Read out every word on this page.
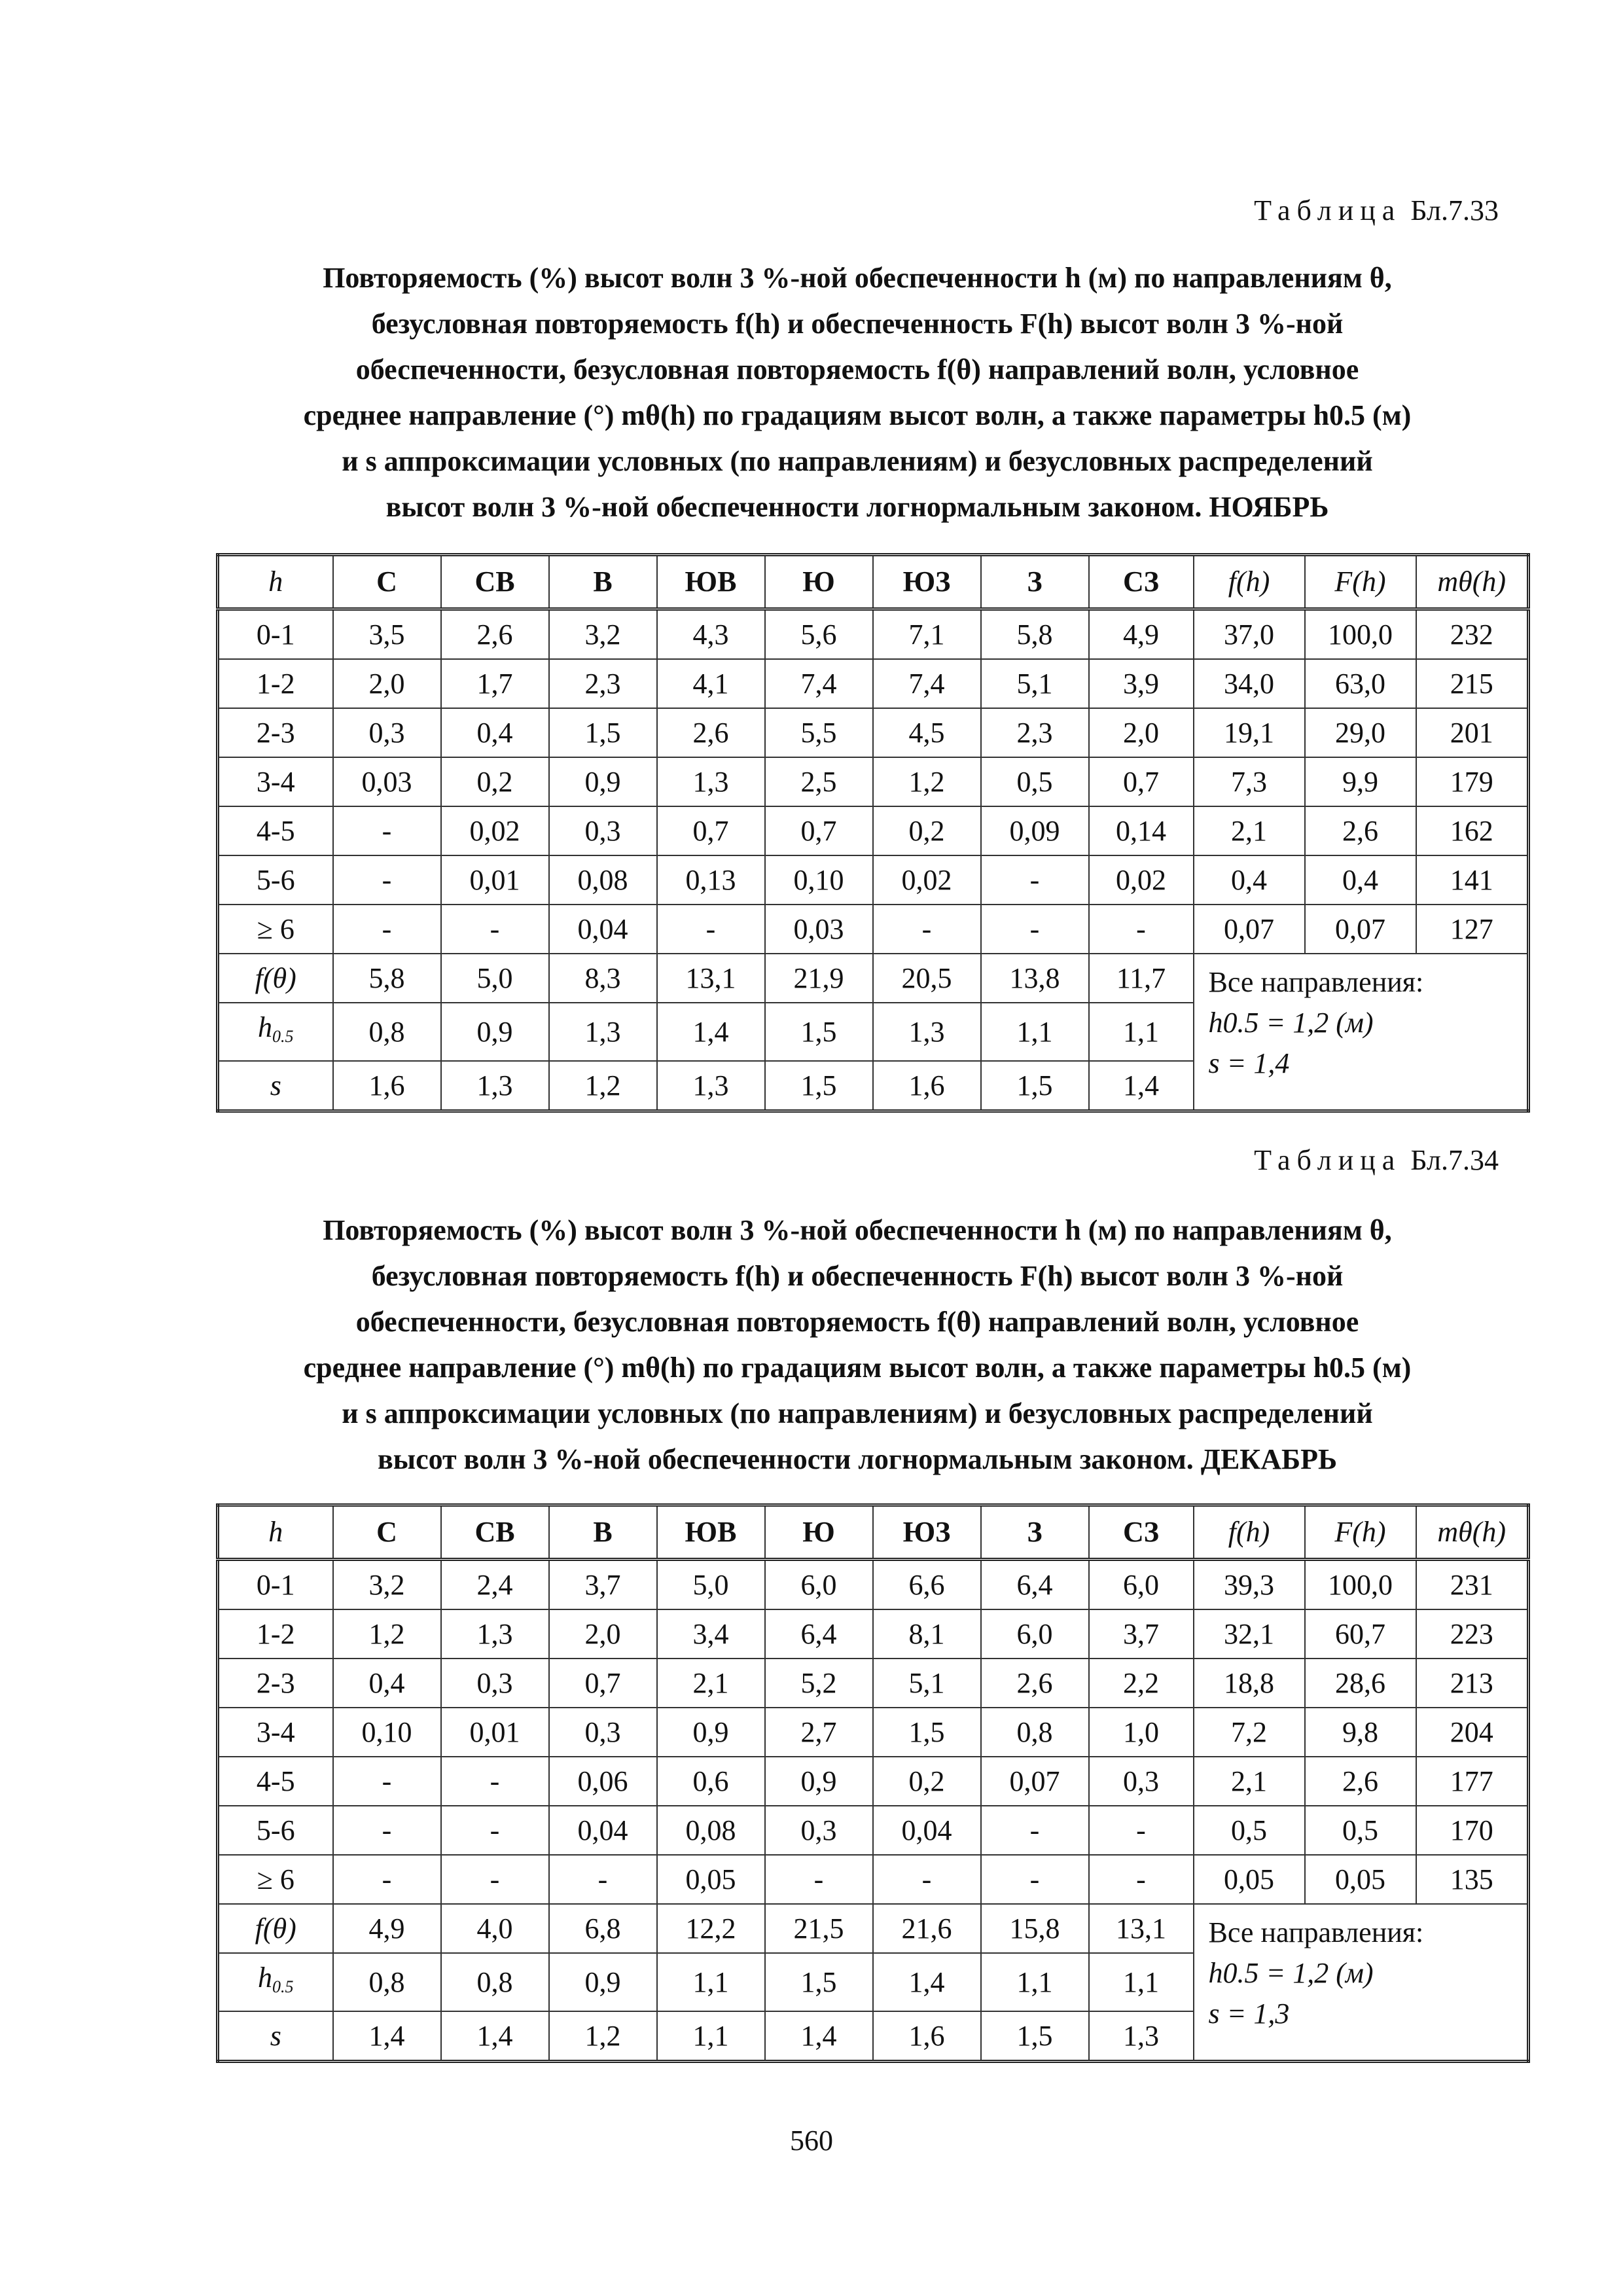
Таблица Бл.7.33
Повторяемость (%) высот волн 3 %-ной обеспеченности h (м) по направлениям θ,
безусловная повторяемость f(h) и обеспеченность F(h) высот волн 3 %-ной
обеспеченности, безусловная повторяемость f(θ) направлений волн, условное
среднее направление (°) mθ(h) по градациям высот волн, а также параметры h0.5 (м)
и s аппроксимации условных (по направлениям) и безусловных распределений
высот волн 3 %-ной обеспеченности логнормальным законом. НОЯБРЬ
h	С	СВ	В	ЮВ	Ю	ЮЗ	З	СЗ	f(h)	F(h)	mθ(h)
0-1	3,5	2,6	3,2	4,3	5,6	7,1	5,8	4,9	37,0	100,0	232
1-2	2,0	1,7	2,3	4,1	7,4	7,4	5,1	3,9	34,0	63,0	215
2-3	0,3	0,4	1,5	2,6	5,5	4,5	2,3	2,0	19,1	29,0	201
3-4	0,03	0,2	0,9	1,3	2,5	1,2	0,5	0,7	7,3	9,9	179
4-5	-	0,02	0,3	0,7	0,7	0,2	0,09	0,14	2,1	2,6	162
5-6	-	0,01	0,08	0,13	0,10	0,02	-	0,02	0,4	0,4	141
≥ 6	-	-	0,04	-	0,03	-	-	-	0,07	0,07	127
f(θ)	5,8	5,0	8,3	13,1	21,9	20,5	13,8	11,7	Все направления:
h0.5 = 1,2 (м)
s = 1,4		

$h_{0.5}$	0,8	0,9	1,3	1,4	1,5	1,3	1,1	1,1			
s	1,6	1,3	1,2	1,3	1,5	1,6	1,5	1,4			
Таблица Бл.7.34
Повторяемость (%) высот волн 3 %-ной обеспеченности h (м) по направлениям θ,
безусловная повторяемость f(h) и обеспеченность F(h) высот волн 3 %-ной
обеспеченности, безусловная повторяемость f(θ) направлений волн, условное
среднее направление (°) mθ(h) по градациям высот волн, а также параметры h0.5 (м)
и s аппроксимации условных (по направлениям) и безусловных распределений
высот волн 3 %-ной обеспеченности логнормальным законом. ДЕКАБРЬ
h	С	СВ	В	ЮВ	Ю	ЮЗ	З	СЗ	f(h)	F(h)	mθ(h)
0-1	3,2	2,4	3,7	5,0	6,0	6,6	6,4	6,0	39,3	100,0	231
1-2	1,2	1,3	2,0	3,4	6,4	8,1	6,0	3,7	32,1	60,7	223
2-3	0,4	0,3	0,7	2,1	5,2	5,1	2,6	2,2	18,8	28,6	213
3-4	0,10	0,01	0,3	0,9	2,7	1,5	0,8	1,0	7,2	9,8	204
4-5	-	-	0,06	0,6	0,9	0,2	0,07	0,3	2,1	2,6	177
5-6	-	-	0,04	0,08	0,3	0,04	-	-	0,5	0,5	170
≥ 6	-	-	-	0,05	-	-	-	-	0,05	0,05	135
f(θ)	4,9	4,0	6,8	12,2	21,5	21,6	15,8	13,1	Все направления:
h0.5 = 1,2 (м)
s = 1,3		

$h_{0.5}$	0,8	0,8	0,9	1,1	1,5	1,4	1,1	1,1			
s	1,4	1,4	1,2	1,1	1,4	1,6	1,5	1,3			
560
